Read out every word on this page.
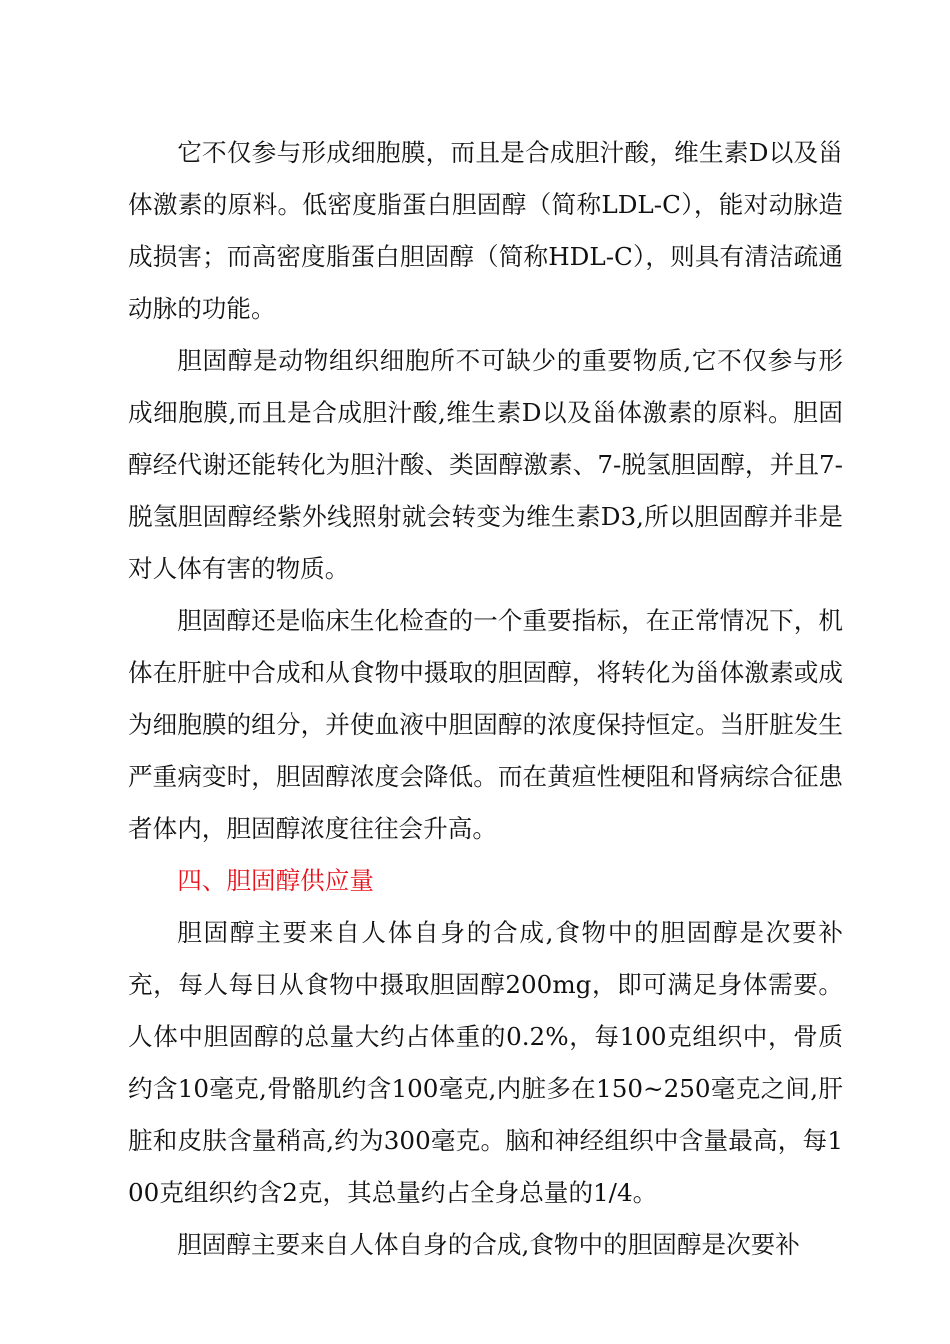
它不仅参与形成细胞膜，而且是合成胆汁酸，维生素D以及甾体激素的原料。低密度脂蛋白胆固醇（简称LDL-C），能对动脉造成损害；而高密度脂蛋白胆固醇（简称HDL-C），则具有清洁疏通动脉的功能。

胆固醇是动物组织细胞所不可缺少的重要物质,它不仅参与形成细胞膜,而且是合成胆汁酸,维生素D以及甾体激素的原料。胆固醇经代谢还能转化为胆汁酸、类固醇激素、7-脱氢胆固醇，并且7-脱氢胆固醇经紫外线照射就会转变为维生素D3,所以胆固醇并非是对人体有害的物质。

胆固醇还是临床生化检查的一个重要指标，在正常情况下，机体在肝脏中合成和从食物中摄取的胆固醇，将转化为甾体激素或成为细胞膜的组分，并使血液中胆固醇的浓度保持恒定。当肝脏发生严重病变时，胆固醇浓度会降低。而在黄疸性梗阻和肾病综合征患者体内，胆固醇浓度往往会升高。

四、胆固醇供应量

胆固醇主要来自人体自身的合成,食物中的胆固醇是次要补充，每人每日从食物中摄取胆固醇200mg，即可满足身体需要。人体中胆固醇的总量大约占体重的0.2%，每100克组织中，骨质约含10毫克,骨骼肌约含100毫克,内脏多在150~250毫克之间,肝脏和皮肤含量稍高,约为300毫克。脑和神经组织中含量最高，每100克组织约含2克，其总量约占全身总量的1/4。

胆固醇主要来自人体自身的合成,食物中的胆固醇是次要补
